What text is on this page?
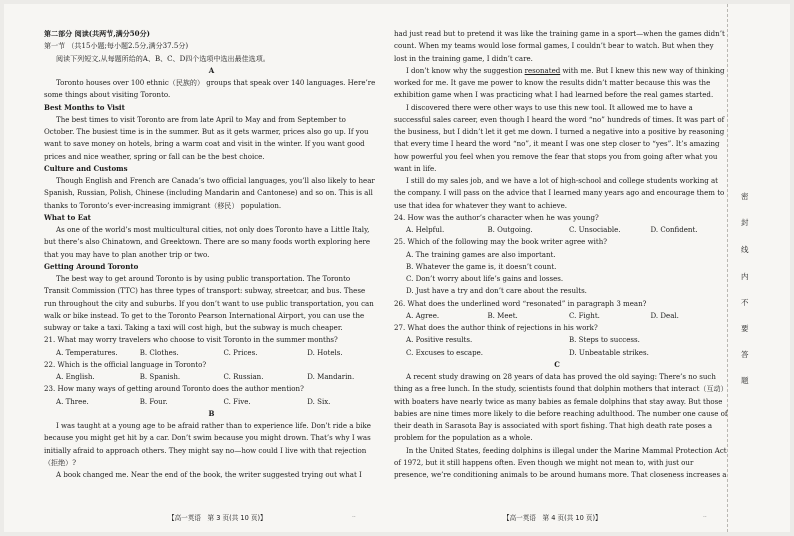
第二部分 阅读(共两节,满分50分)
第一节 （共15小题;每小题2.5分,满分37.5分)
阅读下列短文,从每题所给的A、B、C、D四个选项中选出最佳选项。
A
Toronto houses over 100 ethnic（民族的） groups that speak over 140 languages. Here’re
some things about visiting Toronto.
Best Months to Visit
The best times to visit Toronto are from late April to May and from September to
October. The busiest time is in the summer. But as it gets warmer, prices also go up. If you
want to save money on hotels, bring a warm coat and visit in the winter. If you want good
prices and nice weather, spring or fall can be the best choice.
Culture and Customs
Though English and French are Canada’s two official languages, you’ll also likely to hear
Spanish, Russian, Polish, Chinese (including Mandarin and Cantonese) and so on. This is all
thanks to Toronto’s ever-increasing immigrant（移民） population.
What to Eat
As one of the world’s most multicultural cities, not only does Toronto have a Little Italy,
but there’s also Chinatown, and Greektown. There are so many foods worth exploring here
that you may have to plan another trip or two.
Getting Around Toronto
The best way to get around Toronto is by using public transportation. The Toronto
Transit Commission (TTC) has three types of transport: subway, streetcar, and bus. These
run throughout the city and suburbs. If you don’t want to use public transportation, you can
walk or bike instead. To get to the Toronto Pearson International Airport, you can use the
subway or take a taxi. Taking a taxi will cost high, but the subway is much cheaper.
21. What may worry travelers who choose to visit Toronto in the summer months?
A. Temperatures.	B. Clothes.	C. Prices.	D. Hotels.
22. Which is the official language in Toronto?
A. English.	B. Spanish.	C. Russian.	D. Mandarin.
23. How many ways of getting around Toronto does the author mention?
A. Three.	B. Four.	C. Five.	D. Six.
B
I was taught at a young age to be afraid rather than to experience life. Don’t ride a bike
because you might get hit by a car. Don’t swim because you might drown. That’s why I was
initially afraid to approach others. They might say no—how could I live with that rejection
（拒绝）?
A book changed me. Near the end of the book, the writer suggested trying out what I
had just read but to pretend it was like the training game in a sport—when the games didn’t
count. When my teams would lose formal games, I couldn’t bear to watch. But when they
lost in the training game, I didn’t care.
I don’t know why the suggestion resonated with me. But I knew this new way of thinking
worked for me. It gave me power to know the results didn’t matter because this was the
exhibition game when I was practicing what I had learned before the real games started.
I discovered there were other ways to use this new tool. It allowed me to have a
successful sales career, even though I heard the word “no” hundreds of times. It was part of
the business, but I didn’t let it get me down. I turned a negative into a positive by reasoning
that every time I heard the word “no”, it meant I was one step closer to “yes”. It’s amazing
how powerful you feel when you remove the fear that stops you from going after what you
want in life.
I still do my sales job, and we have a lot of high-school and college students working at
the company. I will pass on the advice that I learned many years ago and encourage them to
use that idea for whatever they want to achieve.
24. How was the author’s character when he was young?
A. Helpful.	B. Outgoing.	C. Unsociable.	D. Confident.
25. Which of the following may the book writer agree with?
A. The training games are also important.
B. Whatever the game is, it doesn’t count.
C. Don’t worry about life’s gains and losses.
D. Just have a try and don’t care about the results.
26. What does the underlined word “resonated” in paragraph 3 mean?
A. Agree.	B. Meet.	C. Fight.	D. Deal.
27. What does the author think of rejections in his work?
A. Positive results.	B. Steps to success.
C. Excuses to escape.	D. Unbeatable strikes.
C
A recent study drawing on 28 years of data has proved the old saying: There’s no such
thing as a free lunch. In the study, scientists found that dolphin mothers that interact（互动）
with boaters have nearly twice as many babies as female dolphins that stay away. But those
babies are nine times more likely to die before reaching adulthood. The number one cause of
their death in Sarasota Bay is associated with sport fishing. That high death rate poses a
problem for the population as a whole.
In the United States, feeding dolphins is illegal under the Marine Mammal Protection Act
of 1972, but it still happens often. Even though we might not mean to, with just our
presence, we’re conditioning animals to be around humans more. That closeness increases a
【高一英语　第 3 页(共 10 页)】	【高一英语　第 4 页(共 10 页)】
..	..
密
封
线
内
不
要
答
题
